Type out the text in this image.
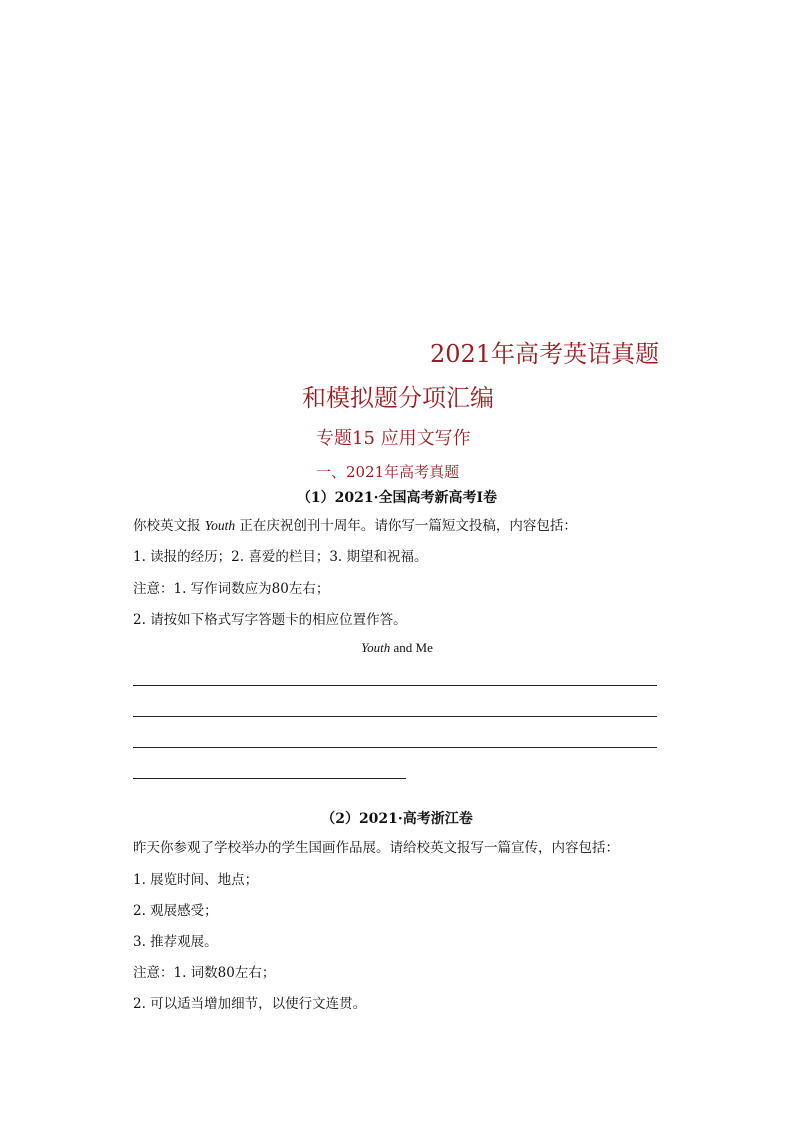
2021年高考英语真题
和模拟题分项汇编
专题15 应用文写作
一、2021年高考真题
（1）2021·全国高考新高考Ⅰ卷
你校英文报 Youth 正在庆祝创刊十周年。请你写一篇短文投稿，内容包括：
1. 读报的经历；2. 喜爱的栏目；3. 期望和祝福。
注意：1. 写作词数应为80左右；
2. 请按如下格式写字答题卡的相应位置作答。
Youth and Me
（2）2021·高考浙江卷
昨天你参观了学校举办的学生国画作品展。请给校英文报写一篇宣传，内容包括：
1. 展览时间、地点；
2. 观展感受；
3. 推荐观展。
注意：1. 词数80左右；
2. 可以适当增加细节，以使行文连贯。
